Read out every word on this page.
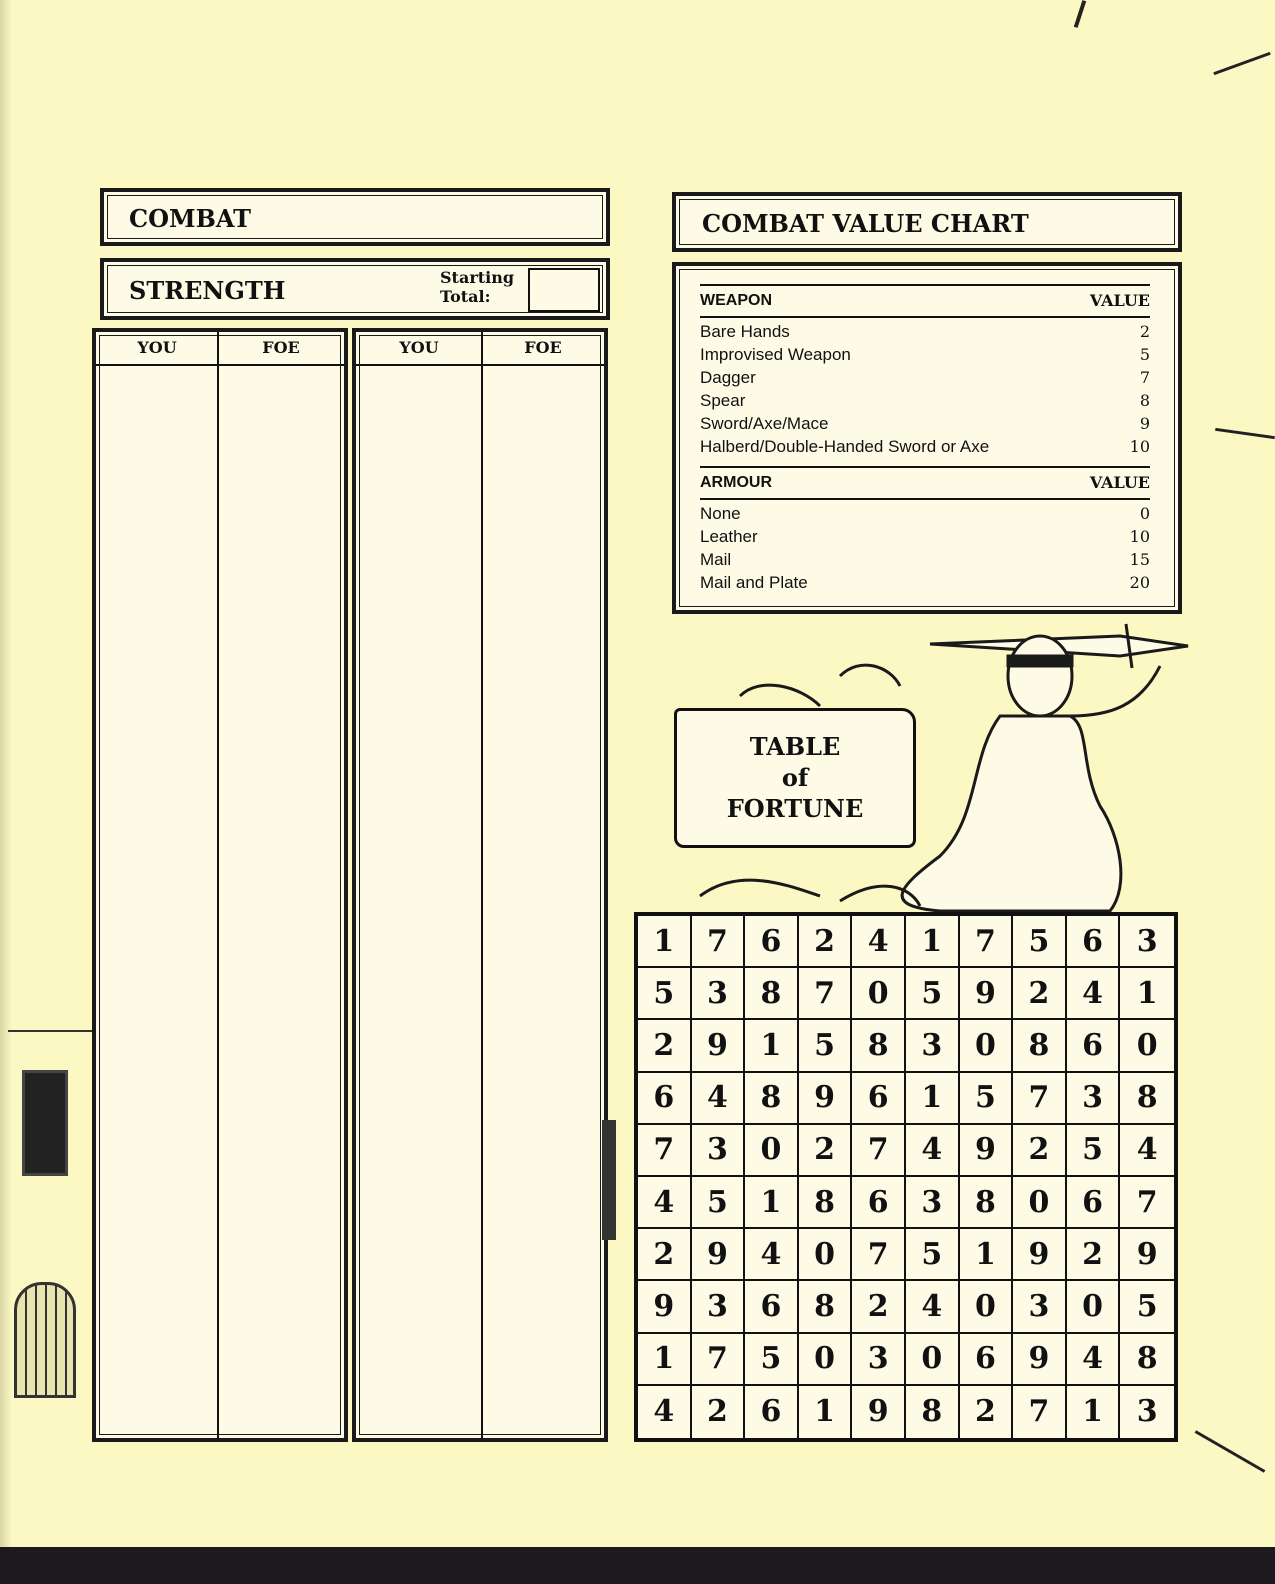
COMBAT
STRENGTH	Starting
Total:
YOU	FOE	YOU	FOE
COMBAT VALUE CHART
WEAPON	VALUE
Bare Hands	2
Improvised Weapon	5
Dagger	7
Spear	8
Sword/Axe/Mace	9
Halberd/Double-Handed Sword or Axe	10
ARMOUR	VALUE
None	0
Leather	10
Mail	15
Mail and Plate	20
TABLE
of
FORTUNE
1	7	6	2	4	1	7	5	6	3
5	3	8	7	0	5	9	2	4	1
2	9	1	5	8	3	0	8	6	0
6	4	8	9	6	1	5	7	3	8
7	3	0	2	7	4	9	2	5	4
4	5	1	8	6	3	8	0	6	7
2	9	4	0	7	5	1	9	2	9
9	3	6	8	2	4	0	3	0	5
1	7	5	0	3	0	6	9	4	8
4	2	6	1	9	8	2	7	1	3
